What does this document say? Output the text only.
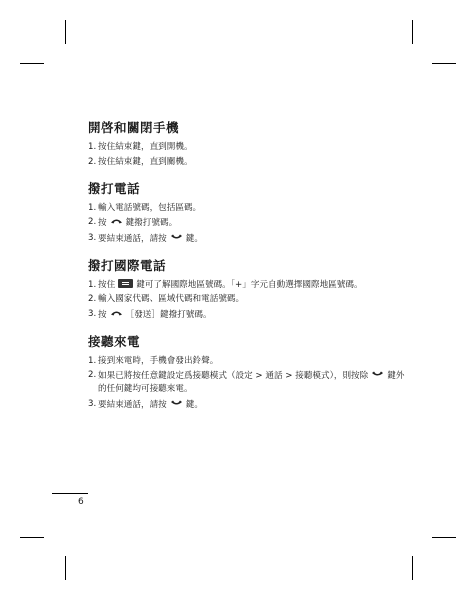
開啓和關閉手機
1. 按住結束鍵，直到開機。
2. 按住結束鍵，直到關機。
撥打電話
1. 輸入電話號碼，包括區碼。
2. 按 鍵撥打號碼。
3. 要結束通話，請按 鍵。
撥打國際電話
1. 按住 鍵可了解國際地區號碼。「+」字元自動選擇國際地區號碼。
2. 輸入國家代碼、區域代碼和電話號碼。
3. 按 ［發送］鍵撥打號碼。
接聽來電
1. 接到來電時，手機會發出鈴聲。
2. 如果已將按任意鍵設定爲接聽模式（設定 > 通話 > 接聽模式），則按除 鍵外的任何鍵均可接聽來電。
3. 要結束通話，請按 鍵。
6
